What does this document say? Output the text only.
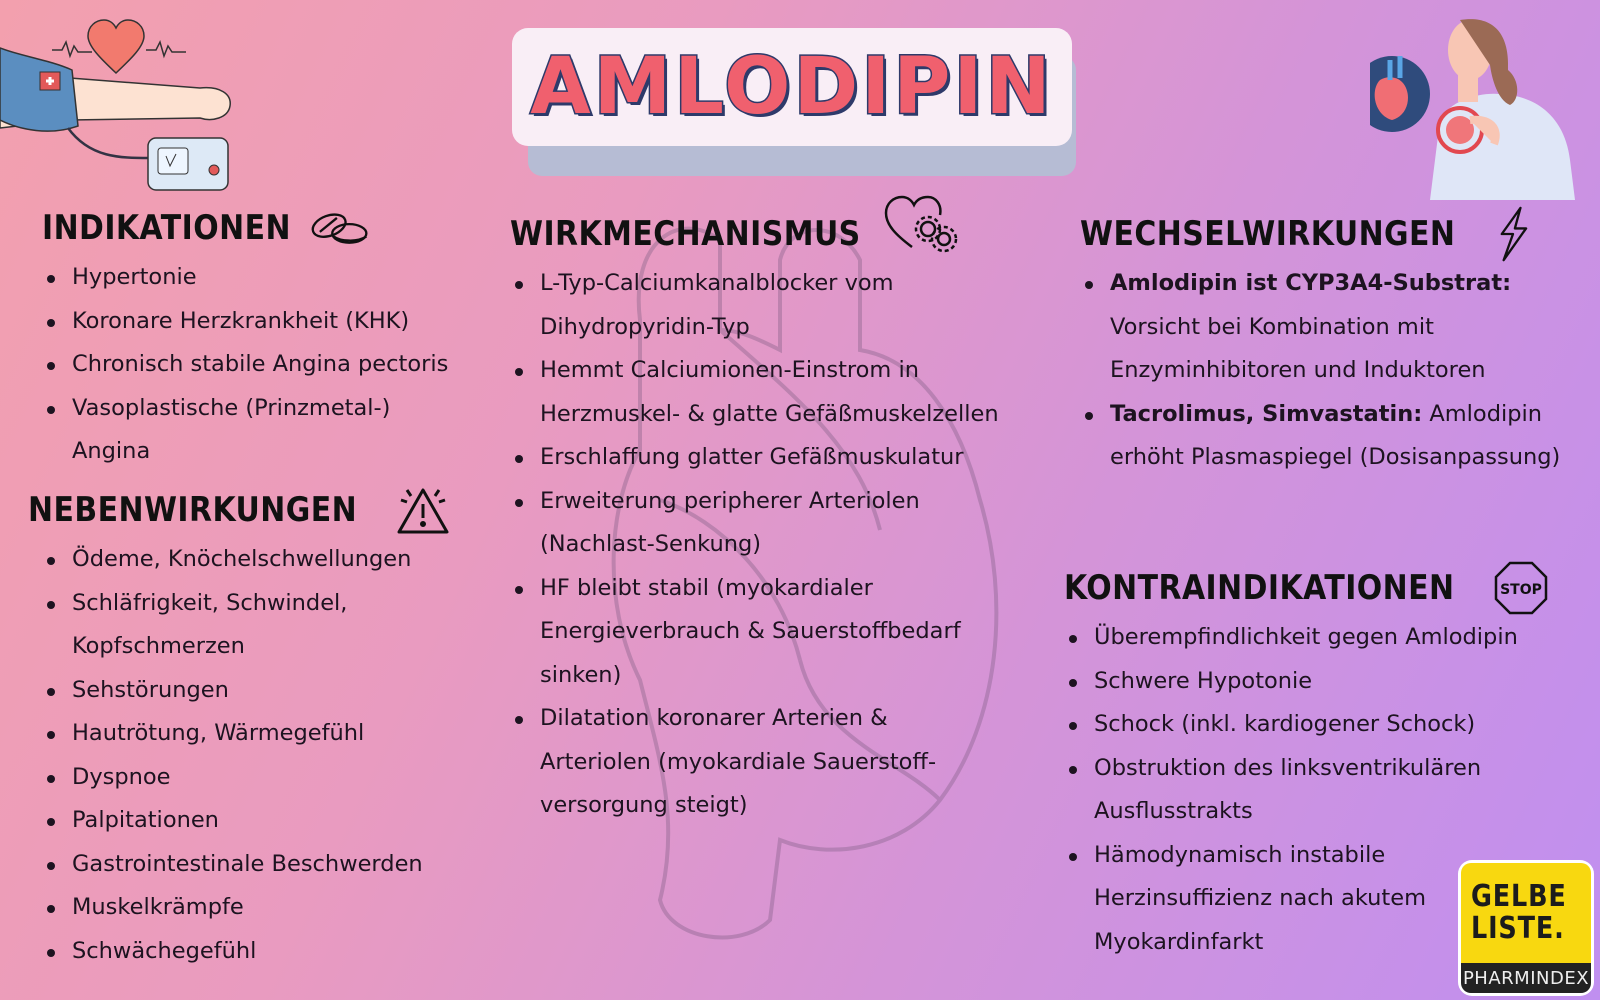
AMLODIPIN
INDIKATIONEN
Hypertonie
Koronare Herzkrankheit (KHK)
Chronisch stabile Angina pectoris
Vasoplastische (Prinzmetal-) Angina
NEBENWIRKUNGEN
Ödeme, Knöchelschwellungen
Schläfrigkeit, Schwindel, Kopfschmerzen
Sehstörungen
Hautrötung, Wärmegefühl
Dyspnoe
Palpitationen
Gastrointestinale Beschwerden
Muskelkrämpfe
Schwächegefühl
WIRKMECHANISMUS
L-Typ-Calciumkanalblocker vom Dihydropyridin-Typ
Hemmt Calciumionen-Einstrom in Herzmuskel- & glatte Gefäßmuskelzellen
Erschlaffung glatter Gefäßmuskulatur
Erweiterung peripherer Arteriolen (Nachlast-Senkung)
HF bleibt stabil (myokardialer Energieverbrauch & Sauerstoffbedarf sinken)
Dilatation koronarer Arterien & Arteriolen (myokardiale Sauerstoff-versorgung steigt)
WECHSELWIRKUNGEN
Amlodipin ist CYP3A4-Substrat: Vorsicht bei Kombination mit Enzyminhibitoren und Induktoren
Tacrolimus, Simvastatin: Amlodipin erhöht Plasmaspiegel (Dosisanpassung)
KONTRAINDIKATIONEN	STOP
Überempfindlichkeit gegen Amlodipin
Schwere Hypotonie
Schock (inkl. kardiogener Schock)
Obstruktion des linksventrikulären Ausflusstrakts
Hämodynamisch instabile Herzinsuffizienz nach akutem Myokardinfarkt
GELBE
LISTE.
PHARMINDEX
